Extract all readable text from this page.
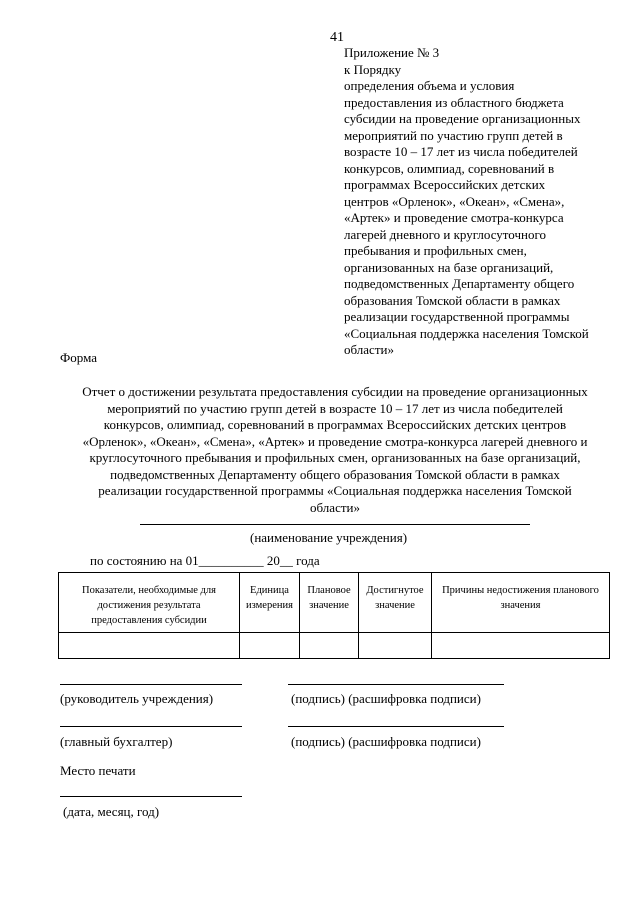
41
Приложение № 3
к Порядку
определения объема и условия
предоставления из областного бюджета
субсидии на проведение организационных
мероприятий по участию групп детей в
возрасте 10 – 17 лет из числа победителей
конкурсов, олимпиад, соревнований в
программах Всероссийских детских
центров «Орленок», «Океан», «Смена»,
«Артек» и проведение смотра-конкурса
лагерей дневного и круглосуточного
пребывания и профильных смен,
организованных на базе организаций,
подведомственных Департаменту общего
образования Томской области в рамках
реализации государственной программы
«Социальная поддержка населения Томской
области»
Форма
Отчет о достижении результата предоставления субсидии на проведение организационных
мероприятий по участию групп детей в возрасте 10 – 17 лет из числа победителей
конкурсов, олимпиад, соревнований в программах Всероссийских детских центров
«Орленок», «Океан», «Смена», «Артек» и проведение смотра-конкурса лагерей дневного и
круглосуточного пребывания и профильных смен, организованных на базе организаций,
подведомственных Департаменту общего образования Томской области в рамках
реализации государственной программы «Социальная поддержка населения Томской
области»
(наименование учреждения)
по состоянию на 01__________ 20__ года
Показатели, необходимые для достижения результата предоставления субсидии	Единица измерения	Плановое значение	Достигнутое значение	Причины недостижения планового значения

(руководитель учреждения)	(подпись) (расшифровка подписи)
(главный бухгалтер)	(подпись) (расшифровка подписи)
Место печати
(дата, месяц, год)
